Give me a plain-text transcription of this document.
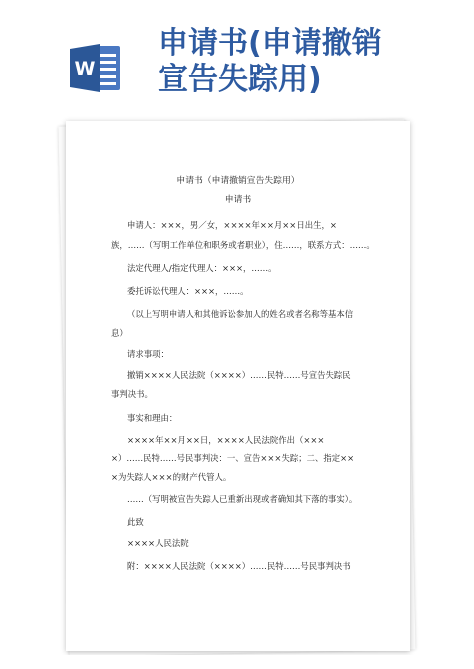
W
申请书(申请撤销
宣告失踪用)
申请书（申请撤销宣告失踪用）
申请书
申请人：×××，男／女，××××年××月××日出生，×
族，……（写明工作单位和职务或者职业），住……，联系方式：……。
法定代理人/指定代理人：×××，……。
委托诉讼代理人：×××，……。
（以上写明申请人和其他诉讼参加人的姓名或者名称等基本信
息）
请求事项：
撤销××××人民法院（××××）……民特……号宣告失踪民
事判决书。
事实和理由：
××××年××月××日，××××人民法院作出（×××
×）……民特……号民事判决：一、宣告×××失踪；二、指定××
×为失踪人×××的财产代管人。
……（写明被宣告失踪人已重新出现或者确知其下落的事实）。
此致
××××人民法院
附：××××人民法院（××××）……民特……号民事判决书
